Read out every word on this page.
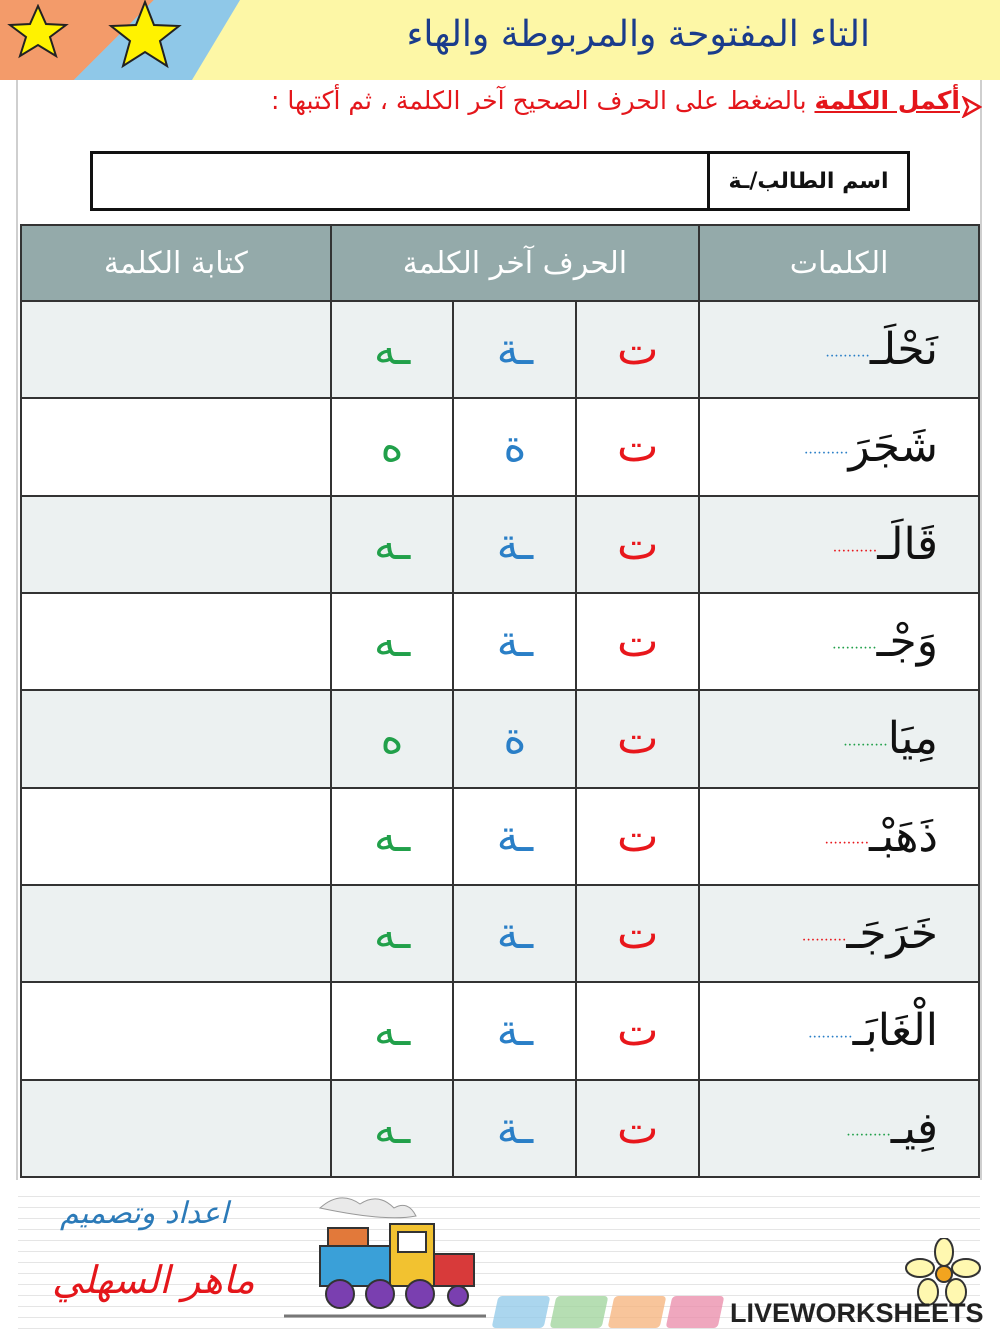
التاء المفتوحة والمربوطة والهاء
أكمل الكلمة بالضغط على الحرف الصحيح آخر الكلمة ، ثم أكتبها :
اسم الطالب/ـة
الكلمات	الحرف آخر الكلمة			كتابة الكلمة
نَحْلَـ..........	ت	ـة	ـه	
شَجَرَ..........	ت	ة	ه	
قَالَـ..........	ت	ـة	ـه	
وَجْـ..........	ت	ـة	ـه	
مِيَا..........	ت	ة	ه	
ذَهَبْـ..........	ت	ـة	ـه	
خَرَجَـ..........	ت	ـة	ـه	
الْغَابَـ..........	ت	ـة	ـه	
فِيـ..........	ت	ـة	ـه	
اعداد وتصميم
ماهر السهلي
LIVEWORKSHEETS
